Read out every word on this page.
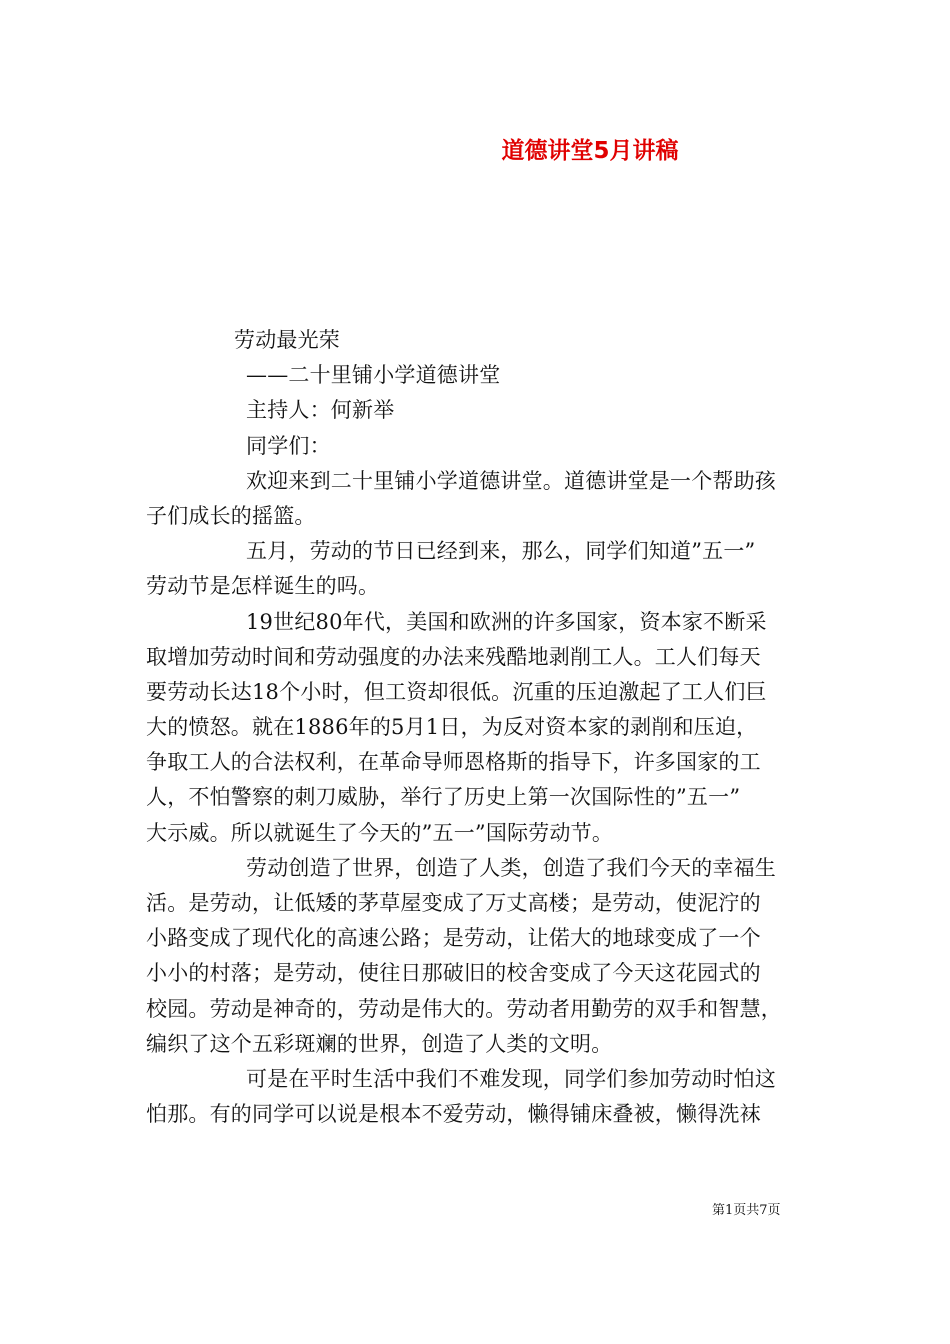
道德讲堂5月讲稿
劳动最光荣
——二十里铺小学道德讲堂
主持人：何新举
同学们：
欢迎来到二十里铺小学道德讲堂。道德讲堂是一个帮助孩
子们成长的摇篮。
五月，劳动的节日已经到来，那么，同学们知道”五一”
劳动节是怎样诞生的吗。
19世纪80年代，美国和欧洲的许多国家，资本家不断采
取增加劳动时间和劳动强度的办法来残酷地剥削工人。工人们每天
要劳动长达18个小时，但工资却很低。沉重的压迫激起了工人们巨
大的愤怒。就在1886年的5月1日，为反对资本家的剥削和压迫，
争取工人的合法权利，在革命导师恩格斯的指导下，许多国家的工
人，不怕警察的刺刀威胁，举行了历史上第一次国际性的”五一”
大示威。所以就诞生了今天的”五一”国际劳动节。
劳动创造了世界，创造了人类，创造了我们今天的幸福生
活。是劳动，让低矮的茅草屋变成了万丈高楼；是劳动，使泥泞的
小路变成了现代化的高速公路；是劳动，让偌大的地球变成了一个
小小的村落；是劳动，使往日那破旧的校舍变成了今天这花园式的
校园。劳动是神奇的，劳动是伟大的。劳动者用勤劳的双手和智慧，
编织了这个五彩斑斓的世界，创造了人类的文明。
可是在平时生活中我们不难发现，同学们参加劳动时怕这
怕那。有的同学可以说是根本不爱劳动，懒得铺床叠被，懒得洗袜
第1页共7页
